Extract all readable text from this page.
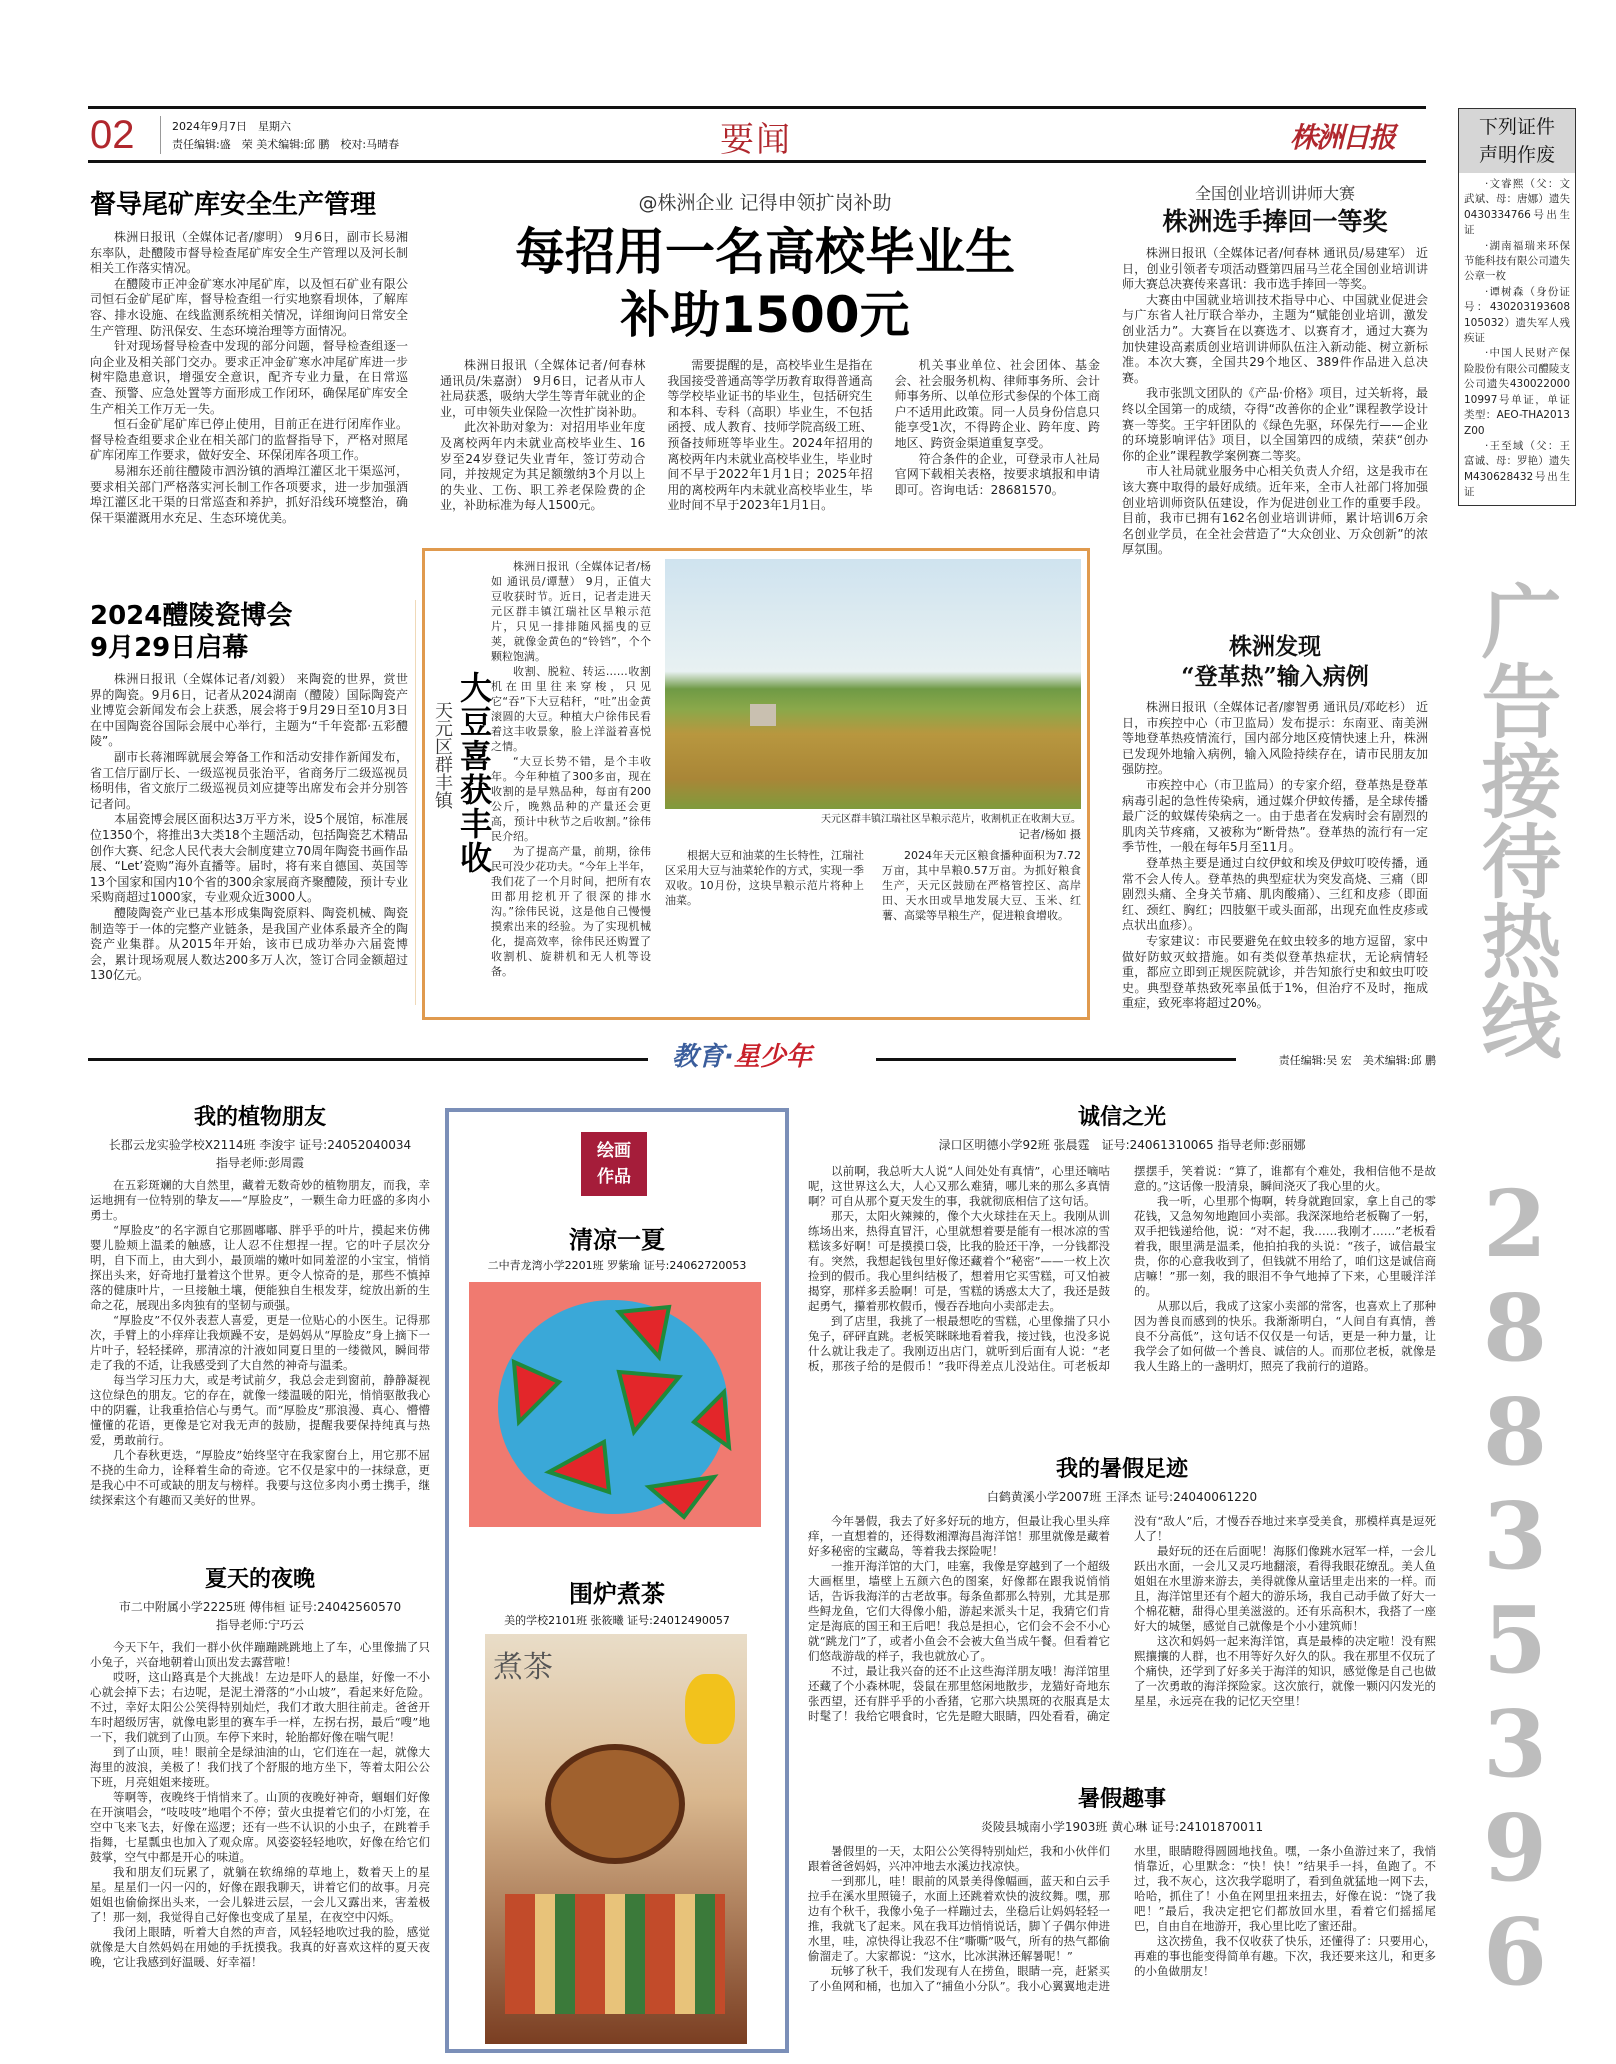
02	2024年9月7日　星期六
责任编辑:盛　荣 美术编辑:邱 鹏　校对:马晴春	要闻	株洲日报	下列证件
声明作废

·文睿熙（父：文武斌、母：唐娜）遗失0430334766号出生证

·湖南福瑞来环保节能科技有限公司遗失公章一枚

·谭树森（身份证号：430203193608105032）遗失军人残疾证

·中国人民财产保险股份有限公司醴陵支公司遗失43002200010997号单证，单证类型：AEO-THA2013Z00

·王至域（父：王富诚、母：罗艳）遗失M430628432号出生证

广告接待热线
28835396
督导尾矿库安全生产管理

株洲日报讯（全媒体记者/廖明） 9月6日，副市长易湘东率队，赴醴陵市督导检查尾矿库安全生产管理以及河长制相关工作落实情况。

在醴陵市正冲金矿寒水冲尾矿库，以及恒石矿业有限公司恒石金矿尾矿库，督导检查组一行实地察看坝体，了解库容、排水设施、在线监测系统相关情况，详细询问日常安全生产管理、防汛保安、生态环境治理等方面情况。

针对现场督导检查中发现的部分问题，督导检查组逐一向企业及相关部门交办。要求正冲金矿寒水冲尾矿库进一步树牢隐患意识，增强安全意识，配齐专业力量，在日常巡查、预警、应急处置等方面形成工作闭环，确保尾矿库安全生产相关工作万无一失。

恒石金矿尾矿库已停止使用，目前正在进行闭库作业。督导检查组要求企业在相关部门的监督指导下，严格对照尾矿库闭库工作要求，做好安全、环保闭库各项工作。

易湘东还前往醴陵市泗汾镇的酒埠江灌区北干渠巡河，要求相关部门严格落实河长制工作各项要求，进一步加强酒埠江灌区北干渠的日常巡查和养护，抓好沿线环境整治，确保干渠灌溉用水充足、生态环境优美。

2024醴陵瓷博会
9月29日启幕

株洲日报讯（全媒体记者/刘毅） 来陶瓷的世界，赏世界的陶瓷。9月6日，记者从2024湖南（醴陵）国际陶瓷产业博览会新闻发布会上获悉，展会将于9月29日至10月3日在中国陶瓷谷国际会展中心举行，主题为“千年瓷都·五彩醴陵”。

副市长蒋湘晖就展会筹备工作和活动安排作新闻发布，省工信厅副厅长、一级巡视员张治平，省商务厅二级巡视员杨明伟，省文旅厅二级巡视员刘应捷等出席发布会并分别答记者问。

本届瓷博会展区面积达3万平方米，设5个展馆，标准展位1350个，将推出3大类18个主题活动，包括陶瓷艺术精品创作大赛、纪念人民代表大会制度建立70周年陶瓷书画作品展、“Let’瓷购”海外直播等。届时，将有来自德国、英国等13个国家和国内10个省的300余家展商齐聚醴陵，预计专业采购商超过1000家，专业观众近3000人。

醴陵陶瓷产业已基本形成集陶瓷原料、陶瓷机械、陶瓷制造等于一体的完整产业链条，是我国产业体系最齐全的陶瓷产业集群。从2015年开始，该市已成功举办六届瓷博会，累计现场观展人数达200多万人次，签订合同金额超过130亿元。

@株洲企业 记得申领扩岗补助
每招用一名高校毕业生
补助1500元

株洲日报讯（全媒体记者/何春林 通讯员/朱嘉澍） 9月6日，记者从市人社局获悉，吸纳大学生等青年就业的企业，可申领失业保险一次性扩岗补助。

此次补助对象为：对招用毕业年度及离校两年内未就业高校毕业生、16岁至24岁登记失业青年，签订劳动合同，并按规定为其足额缴纳3个月以上的失业、工伤、职工养老保险费的企业，补助标准为每人1500元。

需要提醒的是，高校毕业生是指在我国接受普通高等学历教育取得普通高等学校毕业证书的毕业生，包括研究生和本科、专科（高职）毕业生，不包括函授、成人教育、技师学院高级工班、预备技师班等毕业生。2024年招用的离校两年内未就业高校毕业生，毕业时间不早于2022年1月1日；2025年招用的离校两年内未就业高校毕业生，毕业时间不早于2023年1月1日。

机关事业单位、社会团体、基金会、社会服务机构、律师事务所、会计师事务所、以单位形式参保的个体工商户不适用此政策。同一人员身份信息只能享受1次，不得跨企业、跨年度、跨地区、跨资金渠道重复享受。

符合条件的企业，可登录市人社局官网下载相关表格，按要求填报和申请即可。咨询电话：28681570。

天元区群丰镇 大豆喜获丰收

株洲日报讯（全媒体记者/杨如 通讯员/谭慧） 9月，正值大豆收获时节。近日，记者走进天元区群丰镇江瑞社区旱粮示范片，只见一排排随风摇曳的豆荚，就像金黄色的“铃铛”，个个颗粒饱满。

收割、脱粒、转运……收割机在田里往来穿梭，只见它“吞”下大豆秸秆，“吐”出金黄滚圆的大豆。种植大户徐伟民看着这丰收景象，脸上洋溢着喜悦之情。

“大豆长势不错，是个丰收年。今年种植了300多亩，现在收割的是早熟品种，每亩有200公斤，晚熟品种的产量还会更高，预计中秋节之后收割。”徐伟民介绍。

为了提高产量，前期，徐伟民可没少花功夫。“今年上半年，我们花了一个月时间，把所有农田都用挖机开了很深的排水沟。”徐伟民说，这是他自己慢慢摸索出来的经验。为了实现机械化，提高效率，徐伟民还购置了收割机、旋耕机和无人机等设备。

天元区群丰镇江瑞社区旱粮示范片，收割机正在收割大豆。
记者/杨如 摄

根据大豆和油菜的生长特性，江瑞社区采用大豆与油菜轮作的方式，实现一季双收。10月份，这块旱粮示范片将种上油菜。

2024年天元区粮食播种面积为7.72万亩，其中旱粮0.57万亩。为抓好粮食生产，天元区鼓励在严格管控区、高岸田、天水田或旱地发展大豆、玉米、红薯、高粱等旱粮生产，促进粮食增收。

全国创业培训讲师大赛
株洲选手捧回一等奖

株洲日报讯（全媒体记者/何春林 通讯员/易建军） 近日，创业引领者专项活动暨第四届马兰花全国创业培训讲师大赛总决赛传来喜讯：我市选手捧回一等奖。

大赛由中国就业培训技术指导中心、中国就业促进会与广东省人社厅联合举办，主题为“赋能创业培训，激发创业活力”。大赛旨在以赛选才、以赛育才，通过大赛为加快建设高素质创业培训讲师队伍注入新动能、树立新标准。本次大赛，全国共29个地区、389件作品进入总决赛。

我市张凯文团队的《产品·价格》项目，过关斩将，最终以全国第一的成绩，夺得“改善你的企业”课程教学设计赛一等奖。王宇轩团队的《绿色先驱，环保先行——企业的环境影响评估》项目，以全国第四的成绩，荣获“创办你的企业”课程教学案例赛二等奖。

市人社局就业服务中心相关负责人介绍，这是我市在该大赛中取得的最好成绩。近年来，全市人社部门将加强创业培训师资队伍建设，作为促进创业工作的重要手段。目前，我市已拥有162名创业培训讲师，累计培训6万余名创业学员，在全社会营造了“大众创业、万众创新”的浓厚氛围。

株洲发现
“登革热”输入病例

株洲日报讯（全媒体记者/廖智勇 通讯员/邓屹杉） 近日，市疾控中心（市卫监局）发布提示：东南亚、南美洲等地登革热疫情流行，国内部分地区疫情快速上升，株洲已发现外地输入病例，输入风险持续存在，请市民朋友加强防控。

市疾控中心（市卫监局）的专家介绍，登革热是登革病毒引起的急性传染病，通过媒介伊蚊传播，是全球传播最广泛的蚊媒传染病之一。由于患者在发病时会有剧烈的肌肉关节疼痛，又被称为“断骨热”。登革热的流行有一定季节性，一般在每年5月至11月。

登革热主要是通过白纹伊蚊和埃及伊蚊叮咬传播，通常不会人传人。登革热的典型症状为突发高烧、三痛（即剧烈头痛、全身关节痛、肌肉酸痛）、三红和皮疹（即面红、颈红、胸红；四肢躯干或头面部，出现充血性皮疹或点状出血疹）。

专家建议：市民要避免在蚊虫较多的地方逗留，家中做好防蚊灭蚊措施。如有类似登革热症状，无论病情轻重，都应立即到正规医院就诊，并告知旅行史和蚊虫叮咬史。典型登革热致死率虽低于1%，但治疗不及时，拖成重症，致死率将超过20%。

教育·星少年	责任编辑:吴 宏　美术编辑:邱 鹏
我的植物朋友
长郡云龙实验学校X2114班 李浚宇 证号:24052040034
指导老师:彭周霞

在五彩斑斓的大自然里，藏着无数奇妙的植物朋友，而我，幸运地拥有一位特别的挚友——“厚脸皮”，一颗生命力旺盛的多肉小勇士。

“厚脸皮”的名字源自它那圆嘟嘟、胖乎乎的叶片，摸起来仿佛婴儿脸颊上温柔的触感，让人忍不住想捏一捏。它的叶子层次分明，自下而上，由大到小，最顶端的嫩叶如同羞涩的小宝宝，悄悄探出头来，好奇地打量着这个世界。更令人惊奇的是，那些不慎掉落的健康叶片，一旦接触土壤，便能独自生根发芽，绽放出新的生命之花，展现出多肉独有的坚韧与顽强。

“厚脸皮”不仅外表惹人喜爱，更是一位贴心的小医生。记得那次，手臂上的小痒痒让我烦躁不安，是妈妈从“厚脸皮”身上摘下一片叶子，轻轻揉碎，那清凉的汁液如同夏日里的一缕微风，瞬间带走了我的不适，让我感受到了大自然的神奇与温柔。

每当学习压力大，或是考试前夕，我总会走到窗前，静静凝视这位绿色的朋友。它的存在，就像一缕温暖的阳光，悄悄驱散我心中的阴霾，让我重拾信心与勇气。而“厚脸皮”那浪漫、真心、懵懵懂懂的花语，更像是它对我无声的鼓励，提醒我要保持纯真与热爱，勇敢前行。

几个春秋更迭，“厚脸皮”始终坚守在我家窗台上，用它那不屈不挠的生命力，诠释着生命的奇迹。它不仅是家中的一抹绿意，更是我心中不可或缺的朋友与榜样。我要与这位多肉小勇士携手，继续探索这个有趣而又美好的世界。

夏天的夜晚
市二中附属小学2225班 傅伟桓 证号:24042560570
指导老师:宁巧云

今天下午，我们一群小伙伴蹦蹦跳跳地上了车，心里像揣了只小兔子，兴奋地朝着山顶出发去露营啦！

哎呀，这山路真是个大挑战！左边是吓人的悬崖，好像一不小心就会掉下去；右边呢，是泥土滑落的“小山坡”，看起来好危险。不过，幸好太阳公公笑得特别灿烂，我们才敢大胆往前走。爸爸开车时超级厉害，就像电影里的赛车手一样，左拐右拐，最后“嗖”地一下，我们就到了山顶。车停下来时，轮胎都好像在喘气呢！

到了山顶，哇！眼前全是绿油油的山，它们连在一起，就像大海里的波浪，美极了！我们找了个舒服的地方坐下，等着太阳公公下班，月亮姐姐来接班。

等啊等，夜晚终于悄悄来了。山顶的夜晚好神奇，蝈蝈们好像在开演唱会，“吱吱吱”地唱个不停；萤火虫提着它们的小灯笼，在空中飞来飞去，好像在巡逻；还有一些不认识的小虫子，在跳着手指舞，七星瓢虫也加入了观众席。风姿姿轻轻地吹，好像在给它们鼓掌，空气中都是开心的味道。

我和朋友们玩累了，就躺在软绵绵的草地上，数着天上的星星。星星们一闪一闪的，好像在跟我聊天，讲着它们的故事。月亮姐姐也偷偷探出头来，一会儿躲进云层，一会儿又露出来，害羞极了！那一刻，我觉得自己好像也变成了星星，在夜空中闪烁。

我闭上眼睛，听着大自然的声音，风轻轻地吹过我的脸，感觉就像是大自然妈妈在用她的手抚摸我。我真的好喜欢这样的夏天夜晚，它让我感到好温暖、好幸福！

绘画
作品
清凉一夏
二中青龙湾小学2201班 罗紫瑜 证号:24062720053
围炉煮茶
美的学校2101班 张筱曦 证号:24012490057
煮茶
诚信之光
渌口区明德小学92班 张晨霆　证号:24061310065 指导老师:彭丽娜

以前啊，我总听大人说“人间处处有真情”，心里还嘀咕呢，这世界这么大，人心又那么难猜，哪儿来的那么多真情啊？可自从那个夏天发生的事，我就彻底相信了这句话。

那天，太阳火辣辣的，像个大火球挂在天上。我刚从训练场出来，热得直冒汗，心里就想着要是能有一根冰凉的雪糕该多好啊！可是摸摸口袋，比我的脸还干净，一分钱都没有。突然，我想起钱包里好像还藏着个“秘密”——一枚上次捡到的假币。我心里纠结极了，想着用它买雪糕，可又怕被揭穿，那样多丢脸啊！可是，雪糕的诱惑太大了，我还是鼓起勇气，攥着那枚假币，慢吞吞地向小卖部走去。

到了店里，我挑了一根最想吃的雪糕，心里像揣了只小兔子，砰砰直跳。老板笑眯眯地看着我，接过钱，也没多说什么就让我走了。我刚迈出店门，就听到后面有人说：“老板，那孩子给的是假币！”我吓得差点儿没站住。可老板却摆摆手，笑着说：“算了，谁都有个难处，我相信他不是故意的。”这话像一股清泉，瞬间浇灭了我心里的火。

我一听，心里那个悔啊，转身就跑回家，拿上自己的零花钱，又急匆匆地跑回小卖部。我深深地给老板鞠了一躬，双手把钱递给他，说：“对不起，我……我刚才……”老板看着我，眼里满是温柔，他拍拍我的头说：“孩子，诚信最宝贵，你的心意我收到了，但钱就不用给了，咱们这是诚信商店嘛！”那一刻，我的眼泪不争气地掉了下来，心里暖洋洋的。

从那以后，我成了这家小卖部的常客，也喜欢上了那种因为善良而感到的快乐。我渐渐明白，“人间自有真情，善良不分高低”，这句话不仅仅是一句话，更是一种力量，让我学会了如何做一个善良、诚信的人。而那位老板，就像是我人生路上的一盏明灯，照亮了我前行的道路。

我的暑假足迹
白鹤黄溪小学2007班 王泽杰 证号:24040061220

今年暑假，我去了好多好玩的地方，但最让我心里头痒痒，一直想着的，还得数湘潭海昌海洋馆！那里就像是藏着好多秘密的宝藏岛，等着我去探险呢！

一推开海洋馆的大门，哇塞，我像是穿越到了一个超级大画框里，墙壁上五颜六色的图案，好像都在跟我说悄悄话，告诉我海洋的古老故事。每条鱼都那么特别，尤其是那些鲟龙鱼，它们大得像小船，游起来派头十足，我猜它们肯定是海底的国王和王后吧！我总是担心，它们会不会不小心就“跳龙门”了，或者小鱼会不会被大鱼当成午餐。但看着它们悠哉游哉的样子，我也就放心了。

不过，最让我兴奋的还不止这些海洋朋友哦！海洋馆里还藏了个小森林呢，袋鼠在那里悠闲地散步，龙猫好奇地东张西望，还有胖乎乎的小香猪，它那六块黑斑的衣服真是太时髦了！我给它喂食时，它先是瞪大眼睛，四处看看，确定没有“敌人”后，才慢吞吞地过来享受美食，那模样真是逗死人了！

最好玩的还在后面呢！海豚们像跳水冠军一样，一会儿跃出水面，一会儿又灵巧地翻滚，看得我眼花缭乱。美人鱼姐姐在水里游来游去，美得就像从童话里走出来的一样。而且，海洋馆里还有个超大的游乐场，我自己动手做了好大一个棉花糖，甜得心里美滋滋的。还有乐高积木，我搭了一座好大的城堡，感觉自己就像是个小小建筑师！

这次和妈妈一起来海洋馆，真是最棒的决定啦！没有熙熙攘攘的人群，也不用等好久好久的队。我在那里不仅玩了个痛快，还学到了好多关于海洋的知识，感觉像是自己也做了一次勇敢的海洋探险家。这次旅行，就像一颗闪闪发光的星星，永远亮在我的记忆天空里！

暑假趣事
炎陵县城南小学1903班 黄心琳 证号:24101870011

暑假里的一天，太阳公公笑得特别灿烂，我和小伙伴们跟着爸爸妈妈，兴冲冲地去水溪边找凉快。

一到那儿，哇！眼前的风景美得像幅画，蓝天和白云手拉手在溪水里照镜子，水面上还跳着欢快的波纹舞。嘿，那边有个秋千，我像小兔子一样蹦过去，坐稳后让妈妈轻轻一推，我就飞了起来。风在我耳边悄悄说话，脚丫子偶尔伸进水里，哇，凉快得让我忍不住“嘶嘶”吸气，所有的热气都偷偷溜走了。大家都说：“这水，比冰淇淋还解暑呢！”

玩够了秋千，我们发现有人在捞鱼，眼睛一亮，赶紧买了小鱼网和桶，也加入了“捕鱼小分队”。我小心翼翼地走进水里，眼睛瞪得圆圆地找鱼。嘿，一条小鱼游过来了，我悄悄靠近，心里默念：“快！快！”结果手一抖，鱼跑了。不过，我不灰心，这次我学聪明了，看到鱼就猛地一网下去，哈哈，抓住了！小鱼在网里扭来扭去，好像在说：“饶了我吧！”最后，我决定把它们都放回水里，看着它们摇摇尾巴，自由自在地游开，我心里比吃了蜜还甜。

这次捞鱼，我不仅收获了快乐，还懂得了：只要用心，再难的事也能变得简单有趣。下次，我还要来这儿，和更多的小鱼做朋友！
